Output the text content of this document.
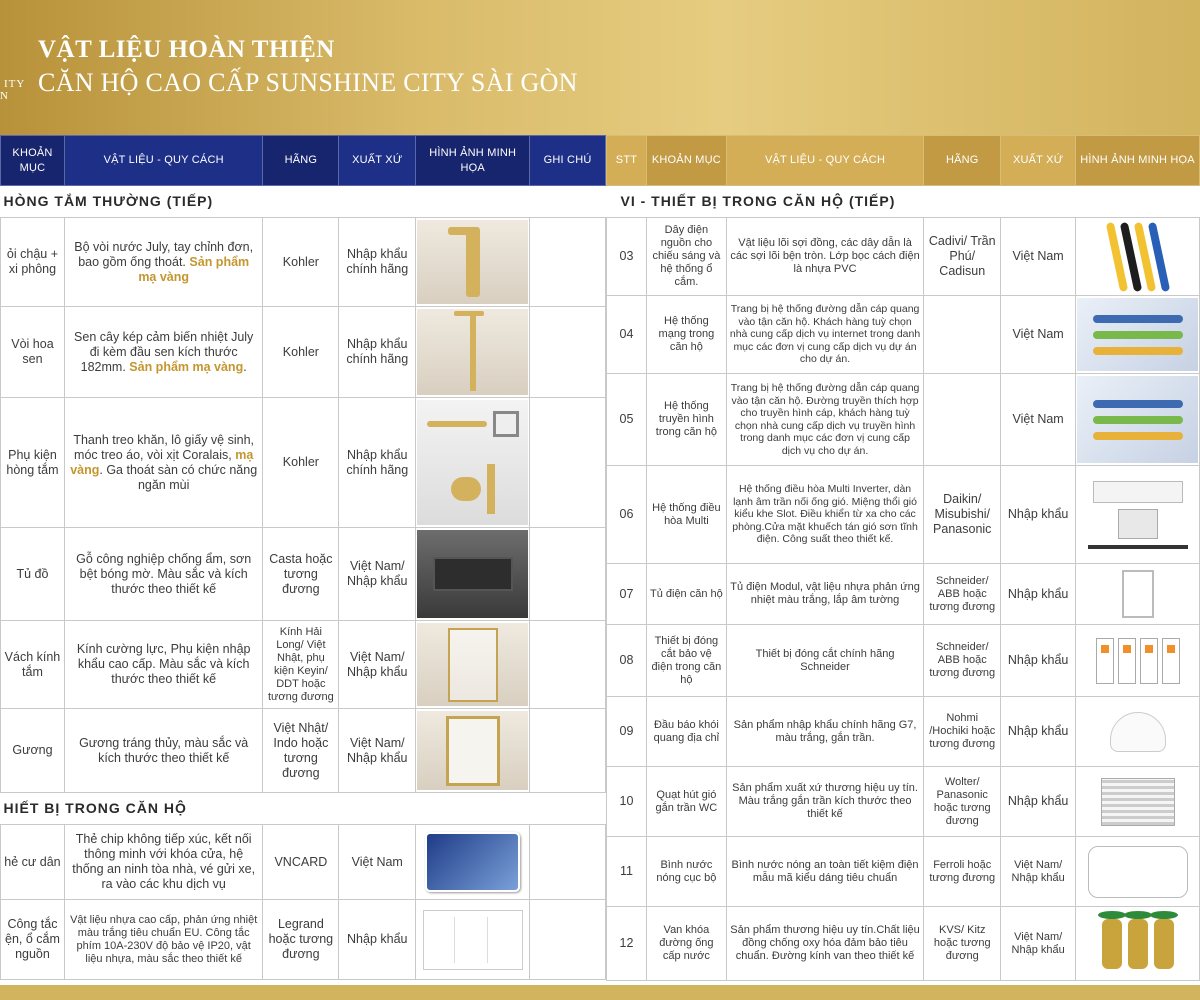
ITY
N
VẬT LIỆU HOÀN THIỆN
CĂN HỘ CAO CẤP SUNSHINE CITY SÀI GÒN
KHOẢN MỤC	VẬT LIỆU - QUY CÁCH	HÃNG	XUẤT XỨ	HÌNH ẢNH MINH HỌA	GHI CHÚ
HÒNG TẮM THƯỜNG (TIẾP)					
ỏi chậu + xi phông	Bộ vòi nước July, tay chỉnh đơn, bao gồm ống thoát. Sản phẩm mạ vàng	Kohler	Nhập khẩu chính hãng	

Vòi hoa sen	Sen cây kép cảm biến nhiệt July đi kèm đầu sen kích thước 182mm. Sản phẩm mạ vàng.	Kohler	Nhập khẩu chính hãng	

Phụ kiện hòng tắm	Thanh treo khăn, lô giấy vệ sinh, móc treo áo, vòi xịt Coralais, mạ vàng. Ga thoát sàn có chức năng ngăn mùi	Kohler	Nhập khẩu chính hãng	

Tủ đồ	Gỗ công nghiệp chống ẩm, sơn bệt bóng mờ. Màu sắc và kích thước theo thiết kế	Casta hoặc tương đương	Việt Nam/ Nhập khẩu	

Vách kính tắm	Kính cường lực, Phụ kiện nhập khẩu cao cấp. Màu sắc và kích thước theo thiết kế	Kính Hải Long/ Việt Nhật, phụ kiện Keyin/ DDT hoặc tương đương	Việt Nam/ Nhập khẩu	

Gương	Gương tráng thủy, màu sắc và kích thước theo thiết kế	Việt Nhật/ Indo hoặc tương đương	Việt Nam/ Nhập khẩu	

HIẾT BỊ TRONG CĂN HỘ					
hẻ cư dân	Thẻ chip không tiếp xúc, kết nối thông minh với khóa cửa, hệ thống an ninh tòa nhà, vé gửi xe, ra vào các khu dịch vụ	VNCARD	Việt Nam	

Công tắc ện, ổ cắm nguồn	Vật liệu nhựa cao cấp, phản ứng nhiệt màu trắng tiêu chuẩn EU. Công tắc phím 10A-230V độ bảo vệ IP20, vật liệu nhựa, màu sắc theo thiết kế	Legrand hoặc tương đương	Nhập khẩu	

STT	KHOẢN MỤC	VẬT LIỆU - QUY CÁCH	HÃNG	XUẤT XỨ	HÌNH ẢNH MINH HỌA
VI - THIẾT BỊ TRONG CĂN HỘ (TIẾP)					
03	Dây điện nguồn cho chiếu sáng và hệ thống ổ cắm.	Vật liệu lõi sợi đồng, các dây dẫn là các sợi lõi bện tròn. Lớp bọc cách điện là nhựa PVC	Cadivi/ Trần Phú/ Cadisun	Việt Nam	

04	Hệ thống mạng trong căn hộ	Trang bị hệ thống đường dẫn cáp quang vào tận căn hộ. Khách hàng tuỳ chọn nhà cung cấp dịch vụ internet trong danh mục các đơn vị cung cấp dịch vụ dự án cho dự án.		Việt Nam	

05	Hệ thống truyền hình trong căn hộ	Trang bị hệ thống đường dẫn cáp quang vào tận căn hộ. Đường truyền thích hợp cho truyền hình cáp, khách hàng tuỳ chọn nhà cung cấp dịch vụ truyền hình trong danh mục các đơn vị cung cấp dịch vụ cho dự án.		Việt Nam	

06	Hệ thống điều hòa Multi	Hệ thống điều hòa Multi Inverter, dàn lạnh âm trần nối ống gió. Miệng thổi gió kiểu khe Slot. Điều khiển từ xa cho các phòng.Cửa mặt khuếch tán gió sơn tĩnh điện. Công suất theo thiết kế.	Daikin/ Misubishi/ Panasonic	Nhập khẩu	

07	Tủ điện căn hộ	Tủ điện Modul, vật liệu nhựa phản ứng nhiệt màu trắng, lắp âm tường	Schneider/ ABB hoặc tương đương	Nhập khẩu	

08	Thiết bị đóng cắt bảo vệ điện trong căn hộ	Thiết bị đóng cắt chính hãng Schneider	Schneider/ ABB hoặc tương đương	Nhập khẩu	

09	Đầu báo khói quang địa chỉ	Sản phẩm nhập khẩu chính hãng G7, màu trắng, gắn trần.	Nohmi /Hochiki hoặc tương đương	Nhập khẩu	

10	Quạt hút gió gắn trần WC	Sản phẩm xuất xứ thương hiệu uy tín. Màu trắng gắn trần kích thước theo thiết kế	Wolter/ Panasonic hoặc tương đương	Nhập khẩu	

11	Bình nước nóng cục bộ	Bình nước nóng an toàn tiết kiệm điện mẫu mã kiểu dáng tiêu chuẩn	Ferroli hoặc tương đương	Việt Nam/ Nhập khẩu	

12	Van khóa đường ống cấp nước	Sản phẩm thương hiệu uy tín.Chất liệu đồng chống oxy hóa đảm bảo tiêu chuẩn. Đường kính van theo thiết kế	KVS/ Kitz hoặc tương đương	Việt Nam/ Nhập khẩu	
